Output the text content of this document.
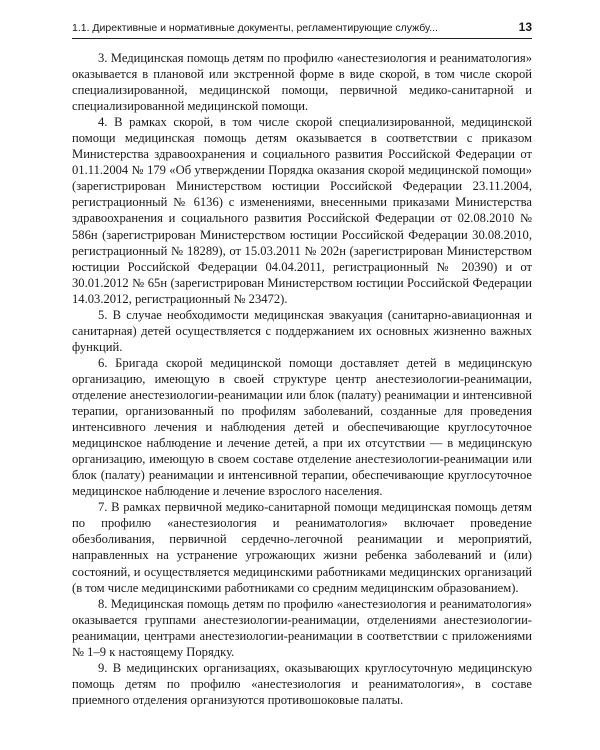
1.1. Директивные и нормативные документы, регламентирующие службу...	13

3. Медицинская помощь детям по профилю «анестезиология и реаниматология» оказывается в плановой или экстренной форме в виде скорой, в том числе скорой специализированной, медицинской помощи, первичной медико-санитарной и специализированной медицинской помощи.

4. В рамках скорой, в том числе скорой специализированной, медицинской помощи медицинская помощь детям оказывается в соответствии с приказом Министерства здравоохранения и социального развития Российской Федерации от 01.11.2004 № 179 «Об утверждении Порядка оказания скорой медицинской помощи» (зарегистрирован Министерством юстиции Российской Федерации 23.11.2004, регистрационный № 6136) с изменениями, внесенными приказами Министерства здравоохранения и социального развития Российской Федерации от 02.08.2010 № 586н (зарегистрирован Министерством юстиции Российской Федерации 30.08.2010, регистрационный № 18289), от 15.03.2011 № 202н (зарегистрирован Министерством юстиции Российской Федерации 04.04.2011, регистрационный № 20390) и от 30.01.2012 № 65н (зарегистрирован Министерством юстиции Российской Федерации 14.03.2012, регистрационный № 23472).

5. В случае необходимости медицинская эвакуация (санитарно-авиационная и санитарная) детей осуществляется с поддержанием их основных жизненно важных функций.

6. Бригада скорой медицинской помощи доставляет детей в медицинскую организацию, имеющую в своей структуре центр анестезиологии-реанимации, отделение анестезиологии-реанимации или блок (палату) реанимации и интенсивной терапии, организованный по профилям заболеваний, созданные для проведения интенсивного лечения и наблюдения детей и обеспечивающие круглосуточное медицинское наблюдение и лечение детей, а при их отсутствии — в медицинскую организацию, имеющую в своем составе отделение анестезиологии-реанимации или блок (палату) реанимации и интенсивной терапии, обеспечивающие круглосуточное медицинское наблюдение и лечение взрослого населения.

7. В рамках первичной медико-санитарной помощи медицинская помощь детям по профилю «анестезиология и реаниматология» включает проведение обезболивания, первичной сердечно-легочной реанимации и мероприятий, направленных на устранение угрожающих жизни ребенка заболеваний и (или) состояний, и осуществляется медицинскими работниками медицинских организаций (в том числе медицинскими работниками со средним медицинским образованием).

8. Медицинская помощь детям по профилю «анестезиология и реаниматология» оказывается группами анестезиологии-реанимации, отделениями анестезиологии-реанимации, центрами анестезиологии-реанимации в соответствии с приложениями № 1–9 к настоящему Порядку.

9. В медицинских организациях, оказывающих круглосуточную медицинскую помощь детям по профилю «анестезиология и реаниматология», в составе приемного отделения организуются противошоковые палаты.
